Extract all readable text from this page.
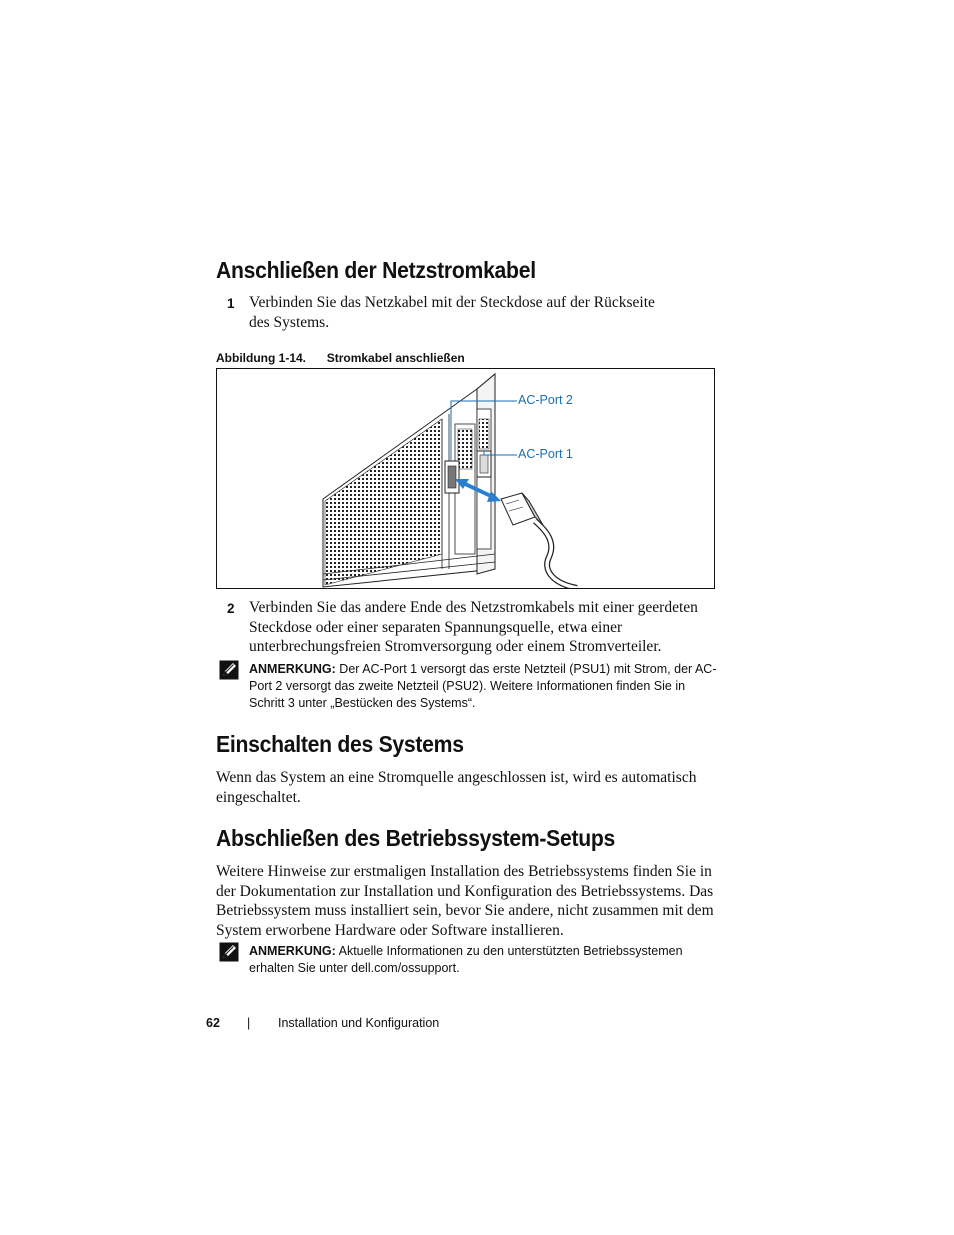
Anschließen der Netzstromkabel
1 Verbinden Sie das Netzkabel mit der Steckdose auf der Rückseite des Systems.
Abbildung 1-14. Stromkabel anschließen
AC-Port 2
AC-Port 1
2 Verbinden Sie das andere Ende des Netzstromkabels mit einer geerdeten Steckdose oder einer separaten Spannungsquelle, etwa einer unterbrechungsfreien Stromversorgung oder einem Stromverteiler.
ANMERKUNG: Der AC-Port 1 versorgt das erste Netzteil (PSU1) mit Strom, der AC-Port 2 versorgt das zweite Netzteil (PSU2). Weitere Informationen finden Sie in Schritt 3 unter „Bestücken des Systems“.
Einschalten des Systems
Wenn das System an eine Stromquelle angeschlossen ist, wird es automatisch eingeschaltet.
Abschließen des Betriebssystem-Setups
Weitere Hinweise zur erstmaligen Installation des Betriebssystems finden Sie in der Dokumentation zur Installation und Konfiguration des Betriebssystems. Das Betriebssystem muss installiert sein, bevor Sie andere, nicht zusammen mit dem System erworbene Hardware oder Software installieren.
ANMERKUNG: Aktuelle Informationen zu den unterstützten Betriebssystemen erhalten Sie unter dell.com/ossupport.
62 | Installation und Konfiguration
